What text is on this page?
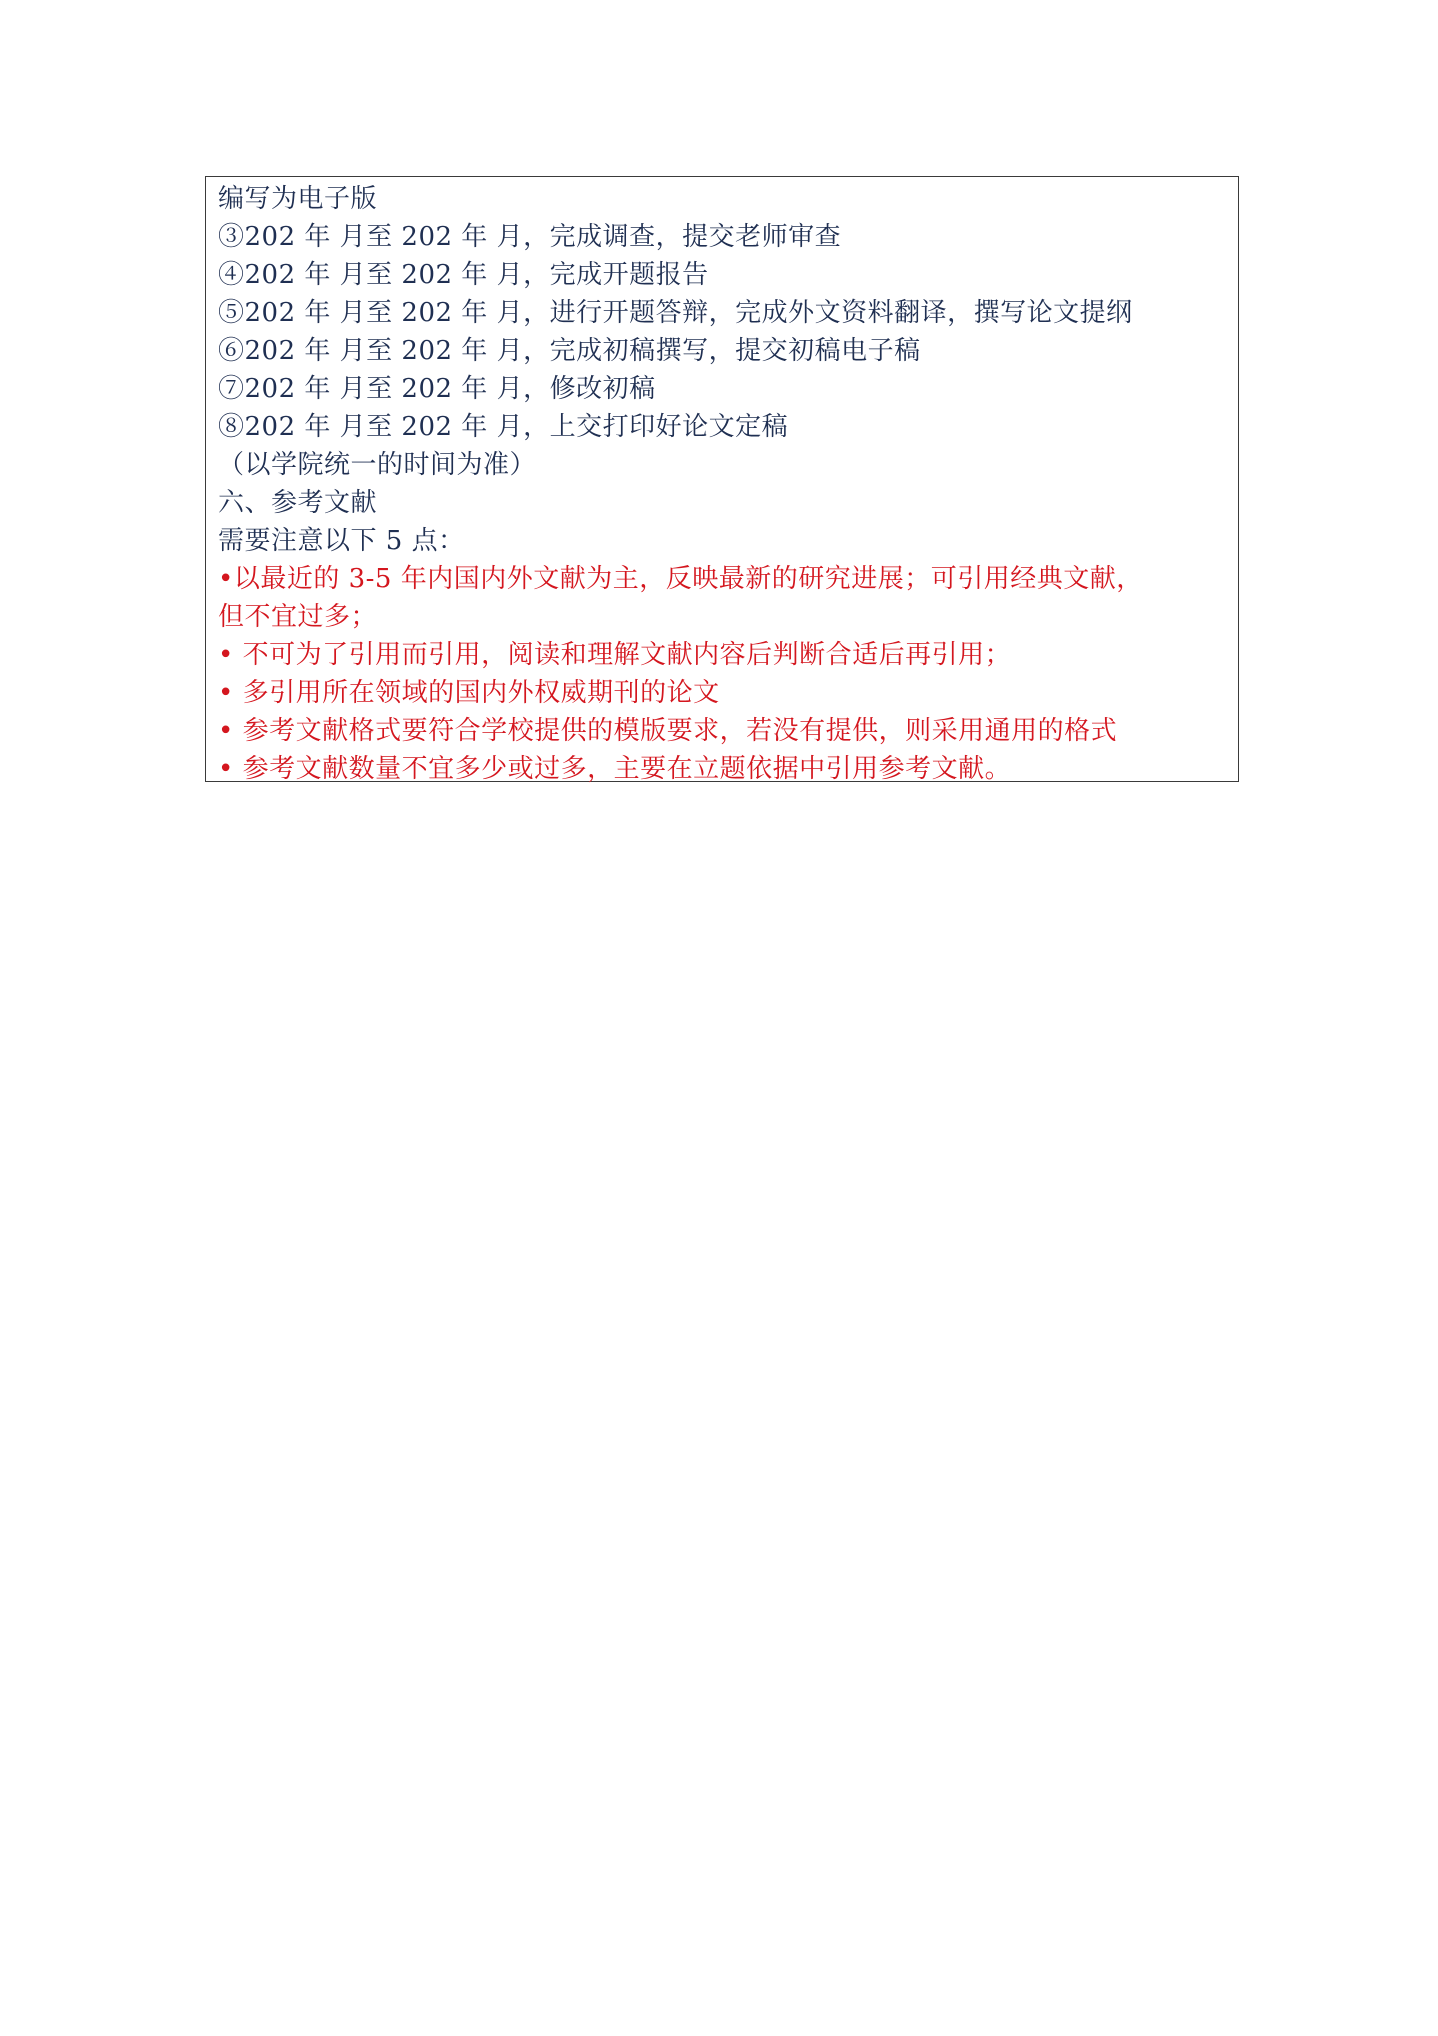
编写为电子版
③202 年 月至 202 年 月，完成调查，提交老师审查
④202 年 月至 202 年 月，完成开题报告
⑤202 年 月至 202 年 月，进行开题答辩，完成外文资料翻译，撰写论文提纲
⑥202 年 月至 202 年 月，完成初稿撰写，提交初稿电子稿
⑦202 年 月至 202 年 月，修改初稿
⑧202 年 月至 202 年 月，上交打印好论文定稿
（以学院统一的时间为准）
六、参考文献
需要注意以下 5 点：
•以最近的 3-5 年内国内外文献为主，反映最新的研究进展；可引用经典文献，
但不宜过多；
• 不可为了引用而引用，阅读和理解文献内容后判断合适后再引用；
• 多引用所在领域的国内外权威期刊的论文
• 参考文献格式要符合学校提供的模版要求，若没有提供，则采用通用的格式
• 参考文献数量不宜多少或过多，主要在立题依据中引用参考文献。
